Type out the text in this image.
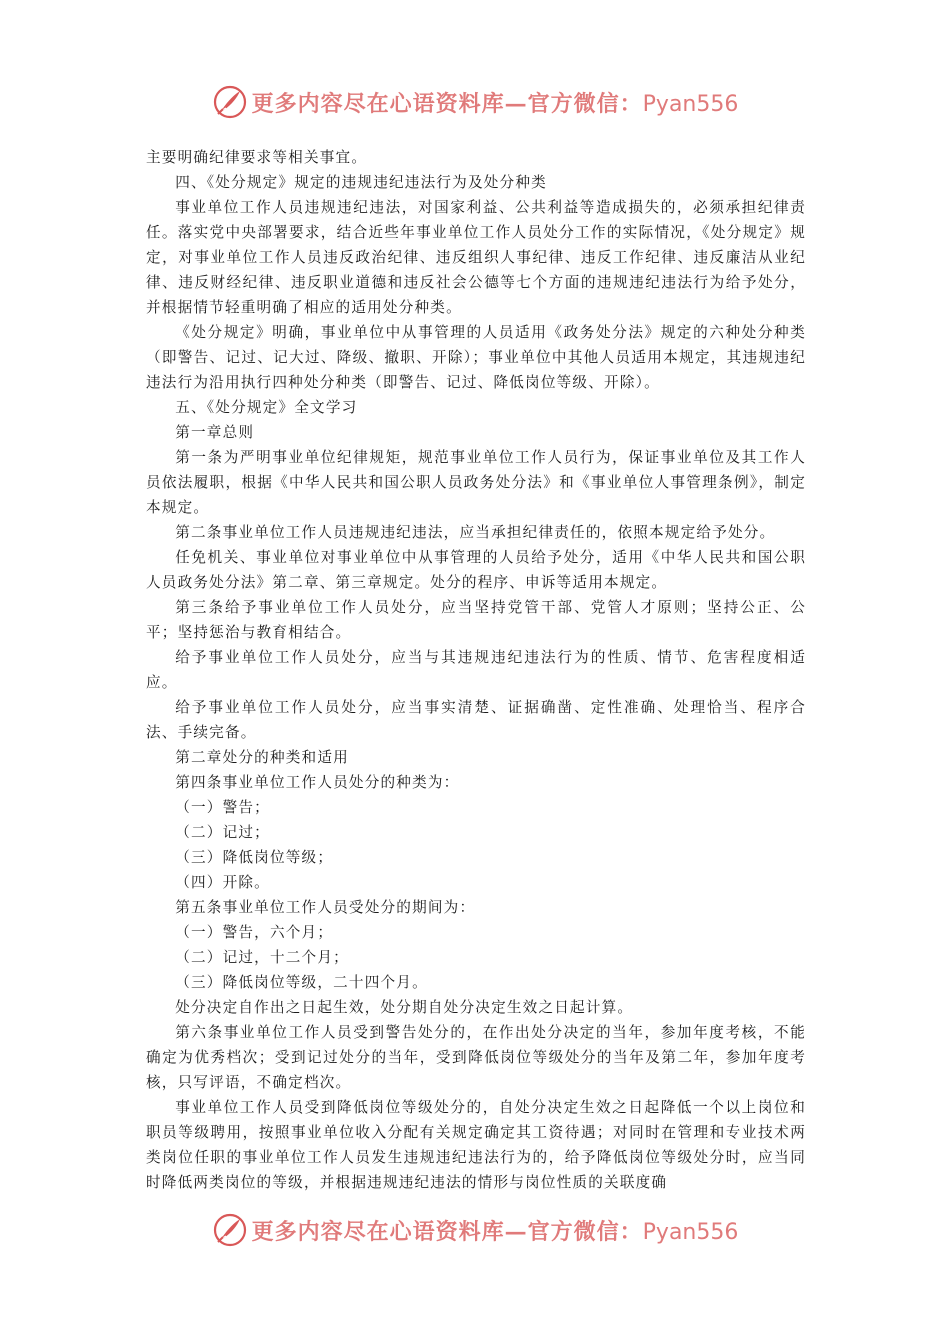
更多内容尽在心语资料库—官方微信：Pyan556

主要明确纪律要求等相关事宜。

四、《处分规定》规定的违规违纪违法行为及处分种类

事业单位工作人员违规违纪违法，对国家利益、公共利益等造成损失的，必须承担纪律责任。落实党中央部署要求，结合近些年事业单位工作人员处分工作的实际情况，《处分规定》规定，对事业单位工作人员违反政治纪律、违反组织人事纪律、违反工作纪律、违反廉洁从业纪律、违反财经纪律、违反职业道德和违反社会公德等七个方面的违规违纪违法行为给予处分，并根据情节轻重明确了相应的适用处分种类。

《处分规定》明确，事业单位中从事管理的人员适用《政务处分法》规定的六种处分种类（即警告、记过、记大过、降级、撤职、开除）；事业单位中其他人员适用本规定，其违规违纪违法行为沿用执行四种处分种类（即警告、记过、降低岗位等级、开除）。

五、《处分规定》全文学习

第一章总则

第一条为严明事业单位纪律规矩，规范事业单位工作人员行为，保证事业单位及其工作人员依法履职，根据《中华人民共和国公职人员政务处分法》和《事业单位人事管理条例》，制定本规定。

第二条事业单位工作人员违规违纪违法，应当承担纪律责任的，依照本规定给予处分。

任免机关、事业单位对事业单位中从事管理的人员给予处分，适用《中华人民共和国公职人员政务处分法》第二章、第三章规定。处分的程序、申诉等适用本规定。

第三条给予事业单位工作人员处分，应当坚持党管干部、党管人才原则；坚持公正、公平；坚持惩治与教育相结合。

给予事业单位工作人员处分，应当与其违规违纪违法行为的性质、情节、危害程度相适应。

给予事业单位工作人员处分，应当事实清楚、证据确凿、定性准确、处理恰当、程序合法、手续完备。

第二章处分的种类和适用

第四条事业单位工作人员处分的种类为：

（一）警告；

（二）记过；

（三）降低岗位等级；

（四）开除。

第五条事业单位工作人员受处分的期间为：

（一）警告，六个月；

（二）记过，十二个月；

（三）降低岗位等级，二十四个月。

处分决定自作出之日起生效，处分期自处分决定生效之日起计算。

第六条事业单位工作人员受到警告处分的，在作出处分决定的当年，参加年度考核，不能确定为优秀档次；受到记过处分的当年，受到降低岗位等级处分的当年及第二年，参加年度考核，只写评语，不确定档次。

事业单位工作人员受到降低岗位等级处分的，自处分决定生效之日起降低一个以上岗位和职员等级聘用，按照事业单位收入分配有关规定确定其工资待遇；对同时在管理和专业技术两类岗位任职的事业单位工作人员发生违规违纪违法行为的，给予降低岗位等级处分时，应当同时降低两类岗位的等级，并根据违规违纪违法的情形与岗位性质的关联度确

更多内容尽在心语资料库—官方微信：Pyan556
